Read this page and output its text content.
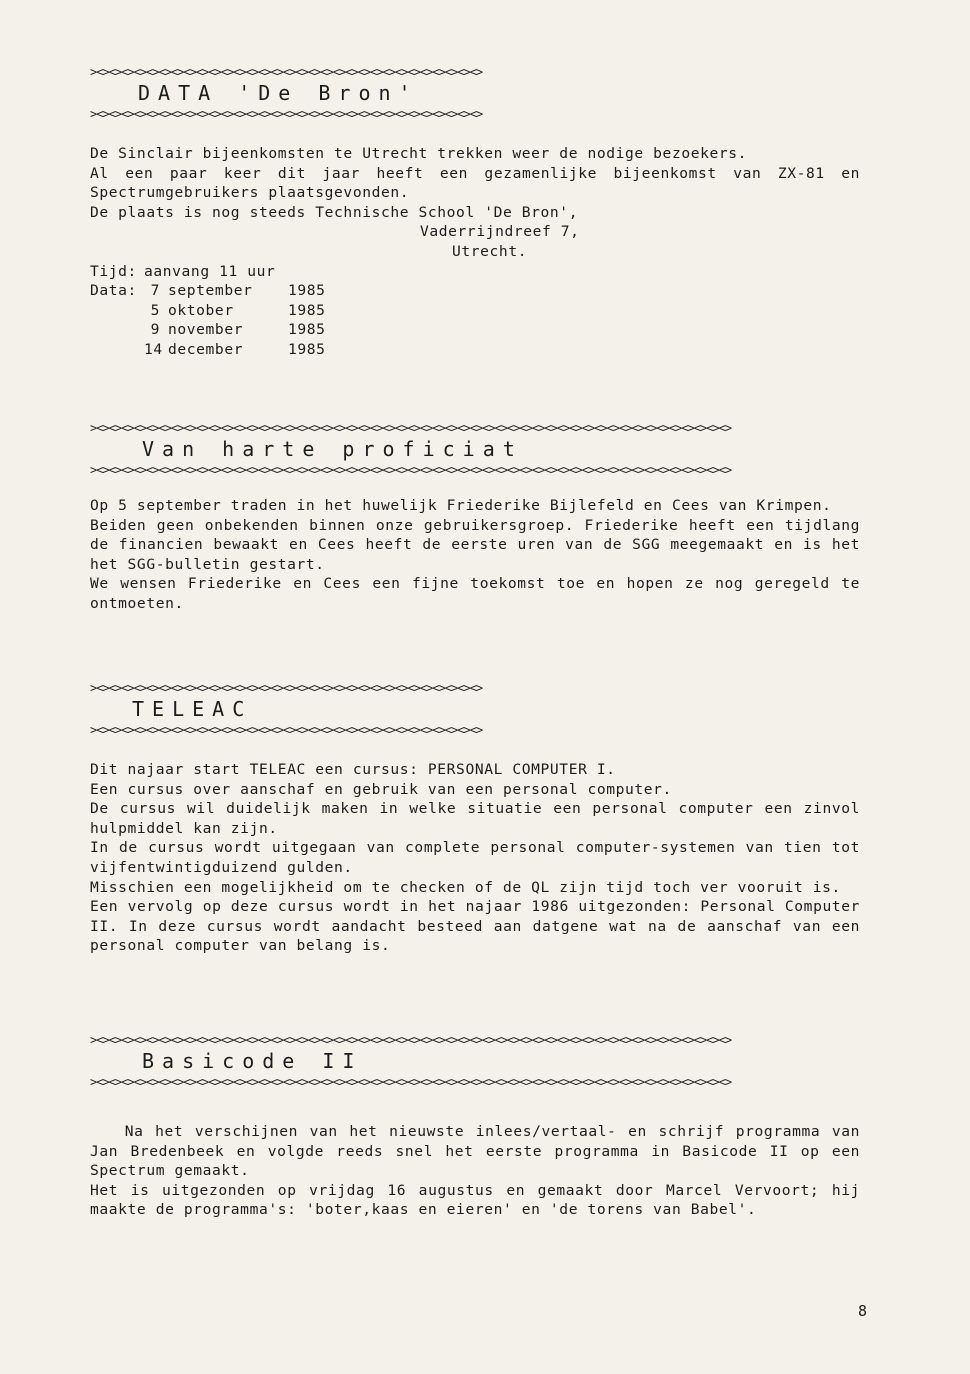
><><><><><><><><><><><><><><><><><><><><><><><><><><><><><><><>
DATA 'De Bron'
><><><><><><><><><><><><><><><><><><><><><><><><><><><><><><><>
De Sinclair bijeenkomsten te Utrecht trekken weer de nodige bezoekers.
Al een paar keer dit jaar heeft een gezamenlijke bijeenkomst van ZX-81 en Spectrumgebruikers plaatsgevonden.
De plaats is nog steeds Technische School 'De Bron',
Vaderrijndreef 7,
Utrecht.
Tijd: aanvang 11 uur
Data: 7 september	1985
5 oktober	1985
9 november	1985
14 december	1985
><><><><><><><><><><><><><><><><><><><><><><><><><><><><><><><><><><><><><><><><><><><><><><><><><><><>
Van harte proficiat
><><><><><><><><><><><><><><><><><><><><><><><><><><><><><><><><><><><><><><><><><><><><><><><><><><><>
Op 5 september traden in het huwelijk Friederike Bijlefeld en Cees van Krimpen.
Beiden geen onbekenden binnen onze gebruikersgroep. Friederike heeft een tijdlang de financien bewaakt en Cees heeft de eerste uren van de SGG meegemaakt en is het het SGG-bulletin gestart.
We wensen Friederike en Cees een fijne toekomst toe en hopen ze nog geregeld te ontmoeten.
><><><><><><><><><><><><><><><><><><><><><><><><><><><><><><><>
TELEAC
><><><><><><><><><><><><><><><><><><><><><><><><><><><><><><><>
Dit najaar start TELEAC een cursus: PERSONAL COMPUTER I.
Een cursus over aanschaf en gebruik van een personal computer.
De cursus wil duidelijk maken in welke situatie een personal computer een zinvol hulpmiddel kan zijn.
In de cursus wordt uitgegaan van complete personal computer-systemen van tien tot vijfentwintigduizend gulden.
Misschien een mogelijkheid om te checken of de QL zijn tijd toch ver vooruit is.
Een vervolg op deze cursus wordt in het najaar 1986 uitgezonden: Personal Computer II. In deze cursus wordt aandacht besteed aan datgene wat na de aanschaf van een personal computer van belang is.
><><><><><><><><><><><><><><><><><><><><><><><><><><><><><><><><><><><><><><><><><><><><><><><><><><><>
Basicode II
><><><><><><><><><><><><><><><><><><><><><><><><><><><><><><><><><><><><><><><><><><><><><><><><><><><>
Na het verschijnen van het nieuwste inlees/vertaal- en schrijf programma van Jan Bredenbeek en volgde reeds snel het eerste programma in Basicode II op een Spectrum gemaakt.
Het is uitgezonden op vrijdag 16 augustus en gemaakt door Marcel Vervoort; hij maakte de programma's: 'boter,kaas en eieren' en 'de torens van Babel'.
8
